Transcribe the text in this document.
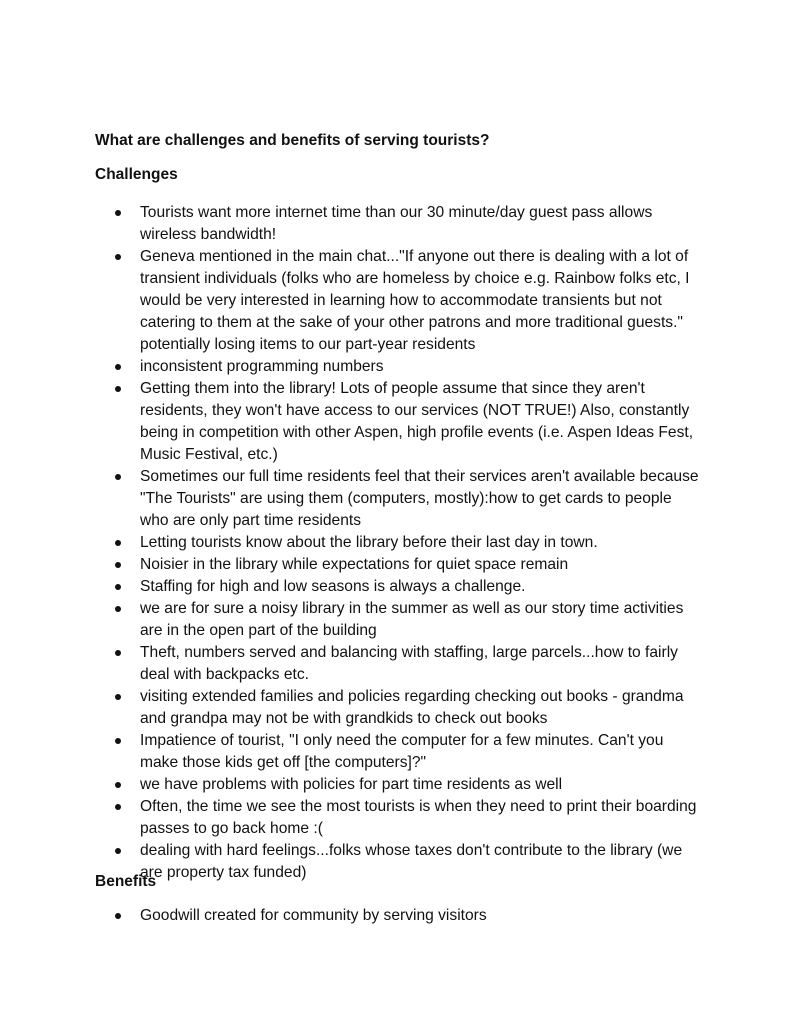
What are challenges and benefits of serving tourists?
Challenges
Tourists want more internet time than our 30 minute/day guest pass allows
wireless bandwidth!
Geneva mentioned in the main chat..."If anyone out there is dealing with a lot of
transient individuals (folks who are homeless by choice e.g. Rainbow folks etc, I
would be very interested in learning how to accommodate transients but not
catering to them at the sake of your other patrons and more traditional guests."
potentially losing items to our part-year residents
inconsistent programming numbers
Getting them into the library! Lots of people assume that since they aren't
residents, they won't have access to our services (NOT TRUE!) Also, constantly
being in competition with other Aspen, high profile events (i.e. Aspen Ideas Fest,
Music Festival, etc.)
Sometimes our full time residents feel that their services aren't available because
"The Tourists" are using them (computers, mostly):how to get cards to people
who are only part time residents
Letting tourists know about the library before their last day in town.
Noisier in the library while expectations for quiet space remain
Staffing for high and low seasons is always a challenge.
we are for sure a noisy library in the summer as well as our story time activities
are in the open part of the building
Theft, numbers served and balancing with staffing, large parcels...how to fairly
deal with backpacks etc.
visiting extended families and policies regarding checking out books - grandma
and grandpa may not be with grandkids to check out books
Impatience of tourist, "I only need the computer for a few minutes. Can't you
make those kids get off [the computers]?"
we have problems with policies for part time residents as well
Often, the time we see the most tourists is when they need to print their boarding
passes to go back home :(
dealing with hard feelings...folks whose taxes don't contribute to the library (we
are property tax funded)
Benefits
Goodwill created for community by serving visitors
